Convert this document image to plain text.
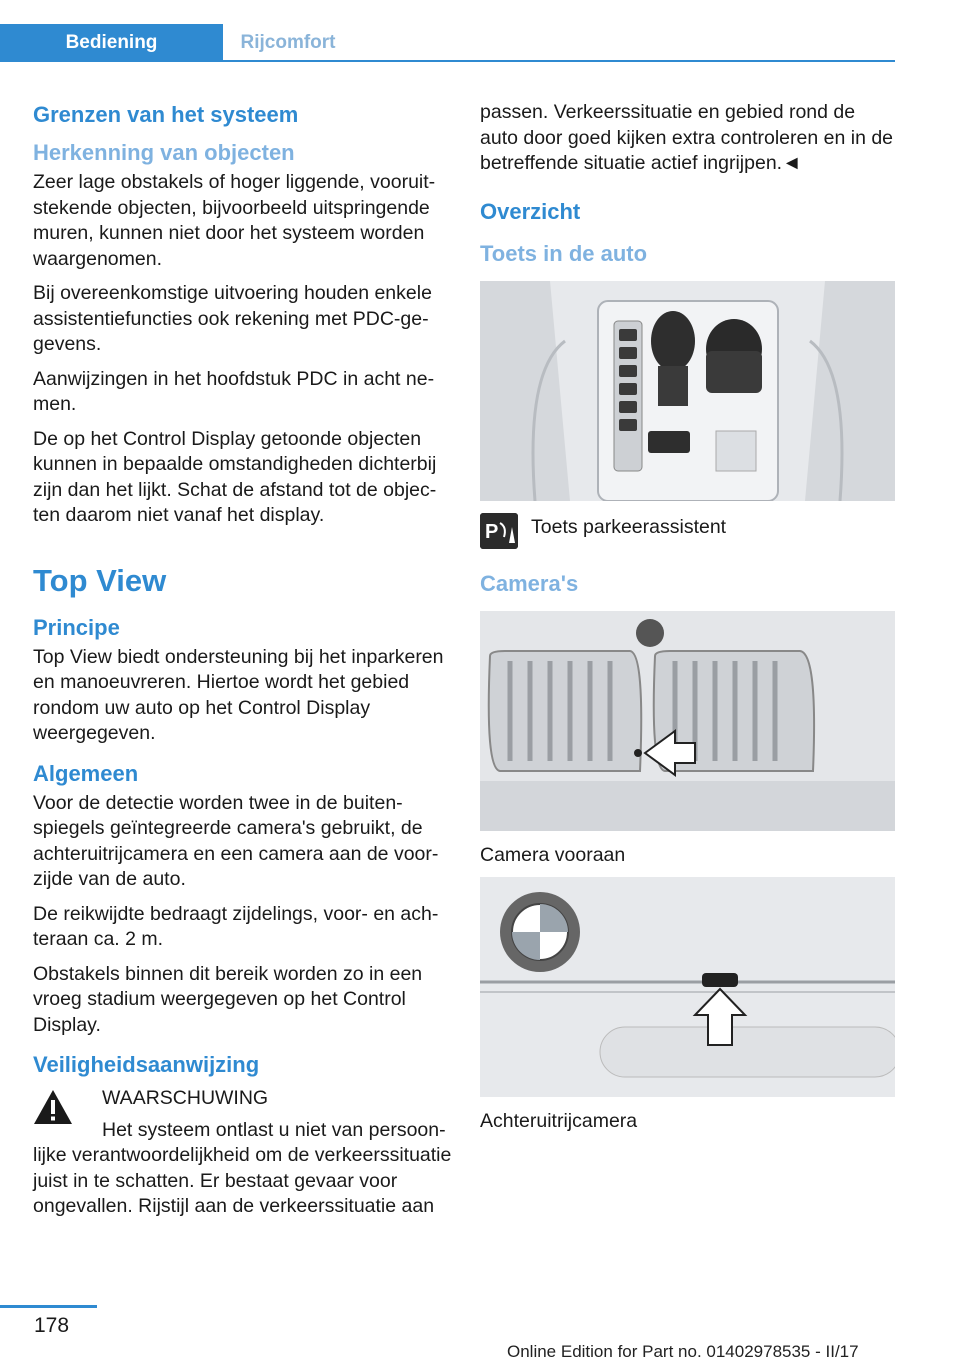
Bediening	Rijcomfort
Grenzen van het systeem
Herkenning van objecten

Zeer lage obstakels of hoger liggende, vooruitstekende objecten, bijvoorbeeld uitspringende muren, kunnen niet door het systeem worden waargenomen.

Bij overeenkomstige uitvoering houden enkele assistentiefuncties ook rekening met PDC-gegevens.

Aanwijzingen in het hoofdstuk PDC in acht nemen.

De op het Control Display getoonde objecten kunnen in bepaalde omstandigheden dichterbij zijn dan het lijkt. Schat de afstand tot de objecten daarom niet vanaf het display.

Top View
Principe

Top View biedt ondersteuning bij het inparkeren en manoeuvreren. Hiertoe wordt het gebied rondom uw auto op het Control Display weergegeven.

Algemeen

Voor de detectie worden twee in de buitenspiegels geïntegreerde camera's gebruikt, de achteruitrijcamera en een camera aan de voorzijde van de auto.

De reikwijdte bedraagt zijdelings, voor- en achteraan ca. 2 m.

Obstakels binnen dit bereik worden zo in een vroeg stadium weergegeven op het Control Display.

Veiligheidsaanwijzing
WAARSCHUWING
Het systeem ontlast u niet van persoonlijke verantwoordelijkheid om de verkeerssituatie juist in te schatten. Er bestaat gevaar voor ongevallen. Rijstijl aan de verkeerssituatie aan

passen. Verkeerssituatie en gebied rond de auto door goed kijken extra controleren en in de betreffende situatie actief ingrijpen.◄

Overzicht
Toets in de auto
P Toets parkeerassistent
Camera's

Camera vooraan

Achteruitrijcamera

178
Online Edition for Part no. 01402978535 - II/17
